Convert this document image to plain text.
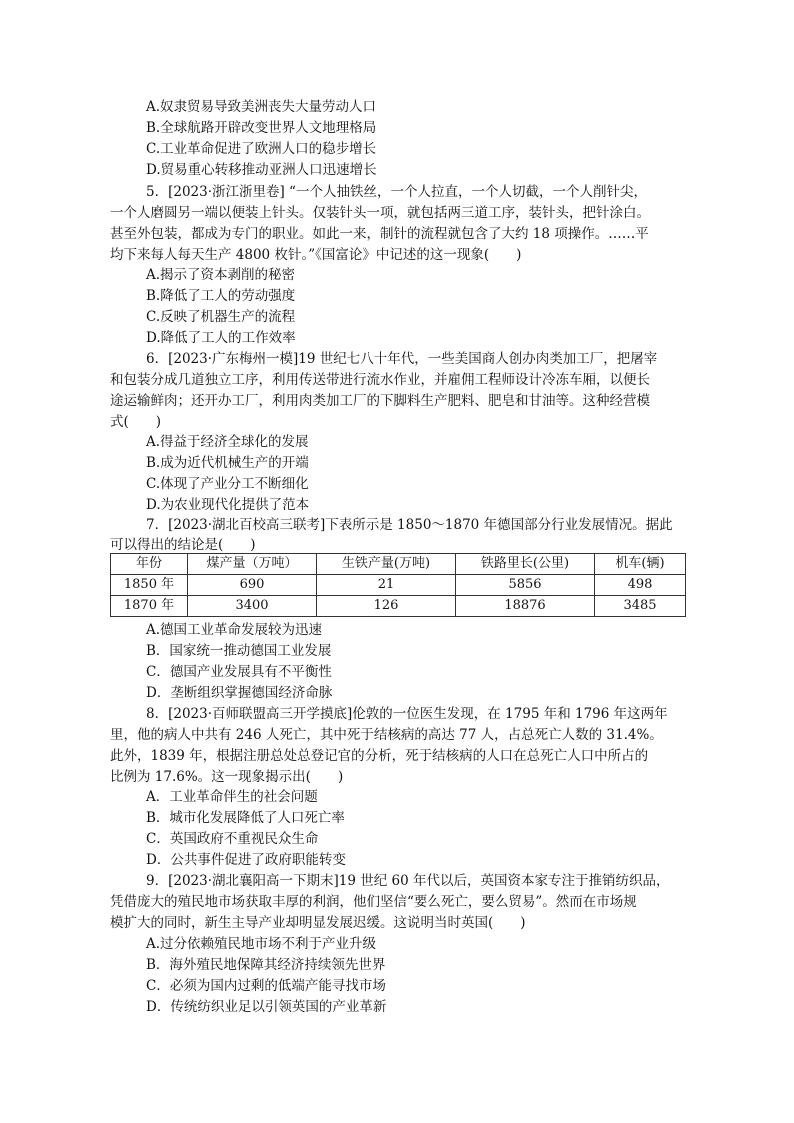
A.奴隶贸易导致美洲丧失大量劳动人口
B.全球航路开辟改变世界人文地理格局
C.工业革命促进了欧洲人口的稳步增长
D.贸易重心转移推动亚洲人口迅速增长
5．[2023·浙江浙里卷] “一个人抽铁丝，一个人拉直，一个人切截，一个人削针尖，
一个人磨圆另一端以便装上针头。仅装针头一项，就包括两三道工序，装针头，把针涂白。
甚至外包装，都成为专门的职业。如此一来，制针的流程就包含了大约 18 项操作。……平
均下来每人每天生产 4800 枚针。”《国富论》中记述的这一现象(　　)
A.揭示了资本剥削的秘密
B.降低了工人的劳动强度
C.反映了机器生产的流程
D.降低了工人的工作效率
6．[2023·广东梅州一模]19 世纪七八十年代，一些美国商人创办肉类加工厂，把屠宰
和包装分成几道独立工序，利用传送带进行流水作业，并雇佣工程师设计冷冻车厢，以便长
途运输鲜肉；还开办工厂，利用肉类加工厂的下脚料生产肥料、肥皂和甘油等。这种经营模
式(　　)
A.得益于经济全球化的发展
B.成为近代机械生产的开端
C.体现了产业分工不断细化
D.为农业现代化提供了范本
7．[2023·湖北百校高三联考]下表所示是 1850～1870 年德国部分行业发展情况。据此
可以得出的结论是(　　)
年份	煤产量（万吨）	生铁产量(万吨)	铁路里长(公里)	机车(辆)
1850 年	690	21	5856	498
1870 年	3400	126	18876	3485
A.德国工业革命发展较为迅速
B．国家统一推动德国工业发展
C．德国产业发展具有不平衡性
D．垄断组织掌握德国经济命脉
8．[2023·百师联盟高三开学摸底]伦敦的一位医生发现，在 1795 年和 1796 年这两年
里，他的病人中共有 246 人死亡，其中死于结核病的高达 77 人，占总死亡人数的 31.4%。
此外，1839 年，根据注册总处总登记官的分析，死于结核病的人口在总死亡人口中所占的
比例为 17.6%。这一现象揭示出(　　)
A．工业革命伴生的社会问题
B．城市化发展降低了人口死亡率
C．英国政府不重视民众生命
D．公共事件促进了政府职能转变
9．[2023·湖北襄阳高一下期末]19 世纪 60 年代以后，英国资本家专注于推销纺织品，
凭借庞大的殖民地市场获取丰厚的利润，他们坚信“要么死亡，要么贸易”。然而在市场规
模扩大的同时，新生主导产业却明显发展迟缓。这说明当时英国(　　)
A.过分依赖殖民地市场不利于产业升级
B．海外殖民地保障其经济持续领先世界
C．必须为国内过剩的低端产能寻找市场
D．传统纺织业足以引领英国的产业革新
